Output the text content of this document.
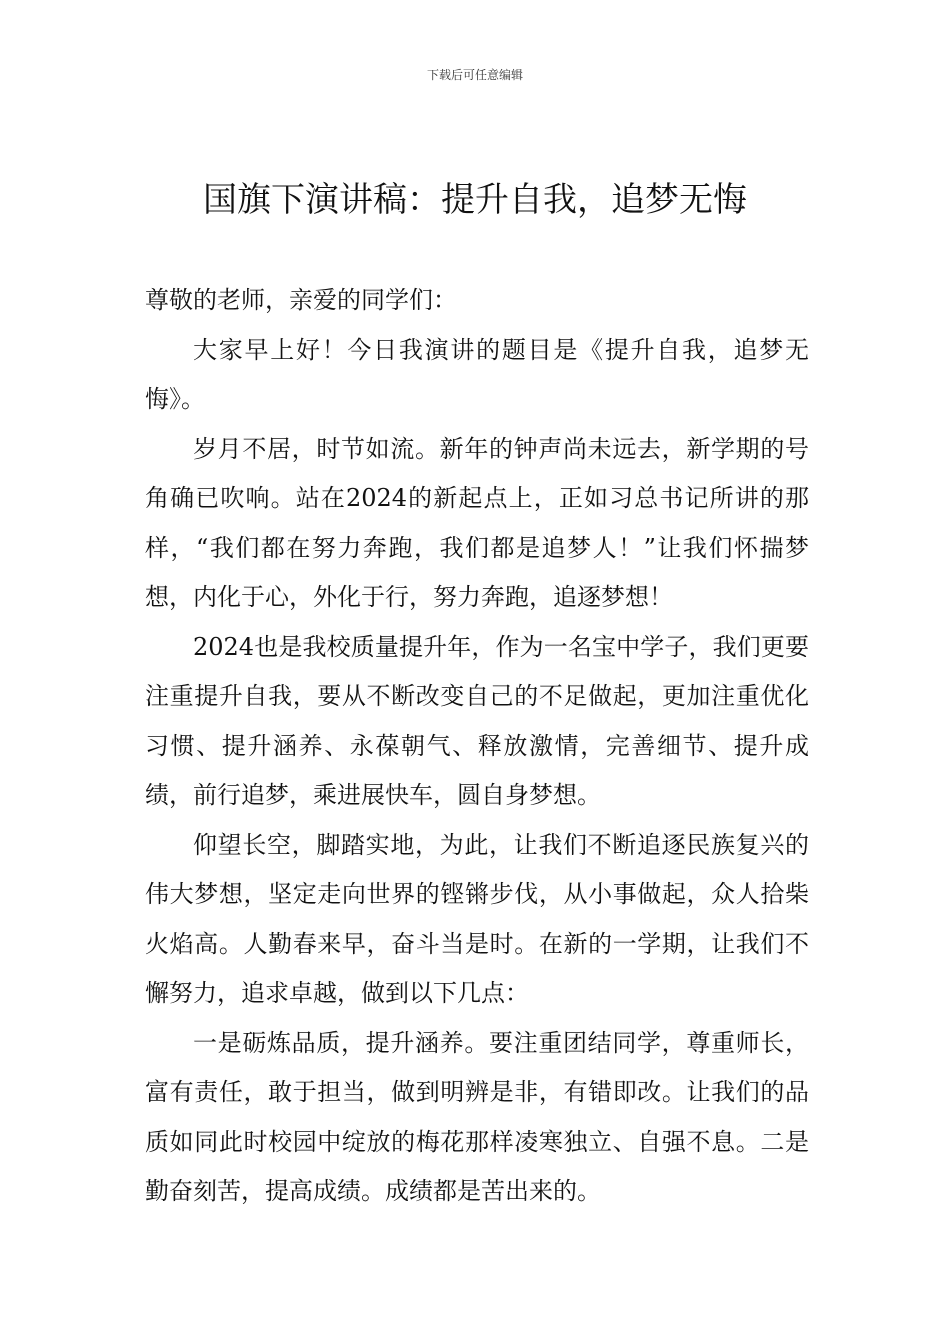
下载后可任意编辑
国旗下演讲稿：提升自我，追梦无悔

尊敬的老师，亲爱的同学们：

大家早上好！今日我演讲的题目是《提升自我，追梦无悔》。

岁月不居，时节如流。新年的钟声尚未远去，新学期的号角确已吹响。站在2024的新起点上，正如习总书记所讲的那样，“我们都在努力奔跑，我们都是追梦人！”让我们怀揣梦想，内化于心，外化于行，努力奔跑，追逐梦想！

2024也是我校质量提升年，作为一名宝中学子，我们更要注重提升自我，要从不断改变自己的不足做起，更加注重优化习惯、提升涵养、永葆朝气、释放激情，完善细节、提升成绩，前行追梦，乘进展快车，圆自身梦想。

仰望长空，脚踏实地，为此，让我们不断追逐民族复兴的伟大梦想，坚定走向世界的铿锵步伐，从小事做起，众人拾柴火焰高。人勤春来早，奋斗当是时。在新的一学期，让我们不懈努力，追求卓越，做到以下几点：

一是砺炼品质，提升涵养。要注重团结同学，尊重师长，富有责任，敢于担当，做到明辨是非，有错即改。让我们的品质如同此时校园中绽放的梅花那样凌寒独立、自强不息。二是勤奋刻苦，提高成绩。成绩都是苦出来的。
